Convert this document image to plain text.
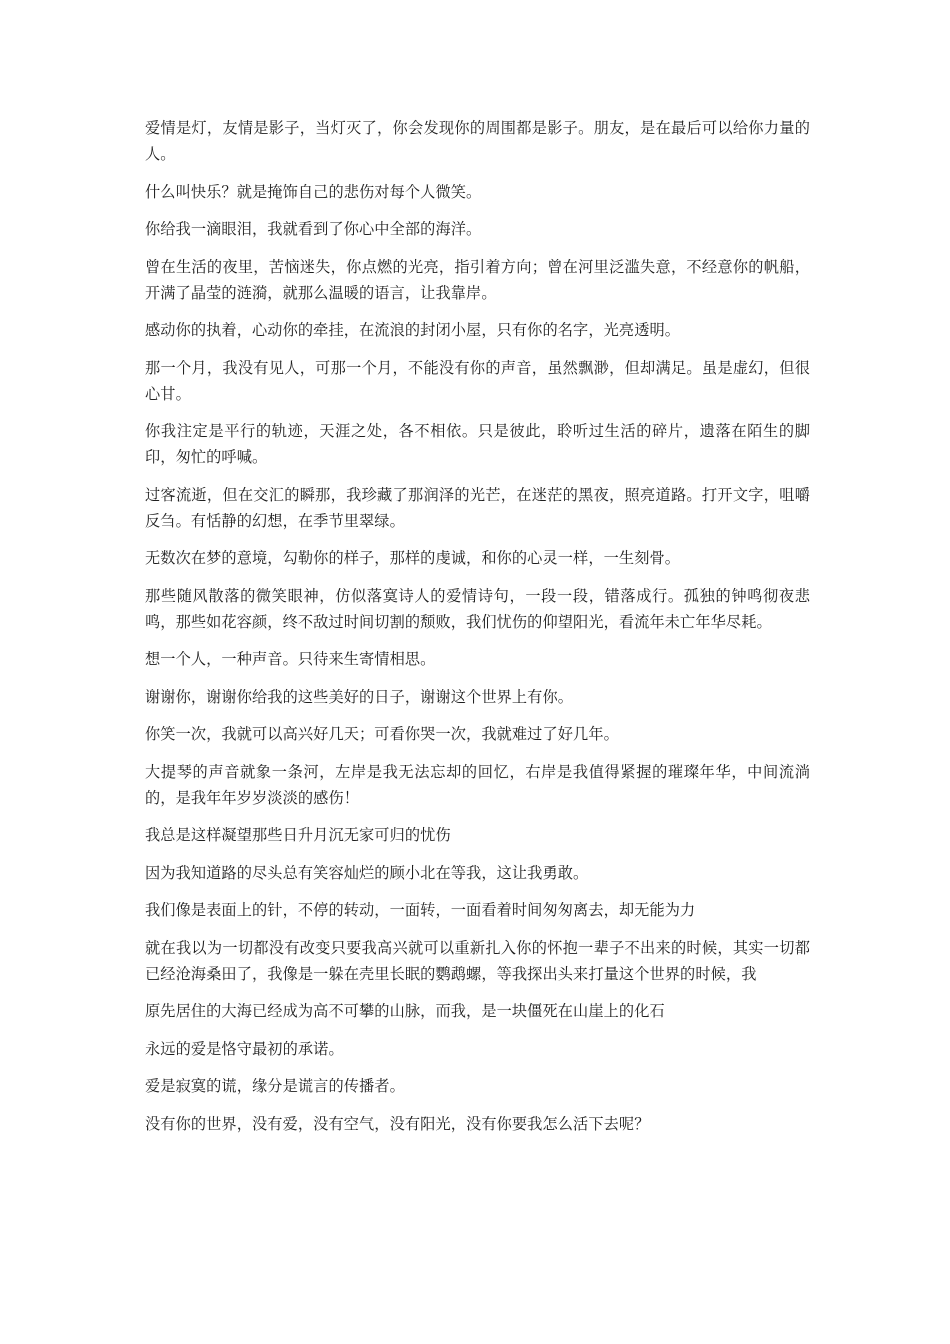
爱情是灯，友情是影子，当灯灭了，你会发现你的周围都是影子。朋友，是在最后可以给你力量的人。

什么叫快乐？就是掩饰自己的悲伤对每个人微笑。

你给我一滴眼泪，我就看到了你心中全部的海洋。

曾在生活的夜里，苦恼迷失，你点燃的光亮，指引着方向；曾在河里泛滥失意，不经意你的帆船，开满了晶莹的涟漪，就那么温暖的语言，让我靠岸。

感动你的执着，心动你的牵挂，在流浪的封闭小屋，只有你的名字，光亮透明。

那一个月，我没有见人，可那一个月，不能没有你的声音，虽然飘渺，但却满足。虽是虚幻，但很心甘。

你我注定是平行的轨迹，天涯之处，各不相依。只是彼此，聆听过生活的碎片，遗落在陌生的脚印，匆忙的呼喊。

过客流逝，但在交汇的瞬那，我珍藏了那润泽的光芒，在迷茫的黑夜，照亮道路。打开文字，咀嚼反刍。有恬静的幻想，在季节里翠绿。

无数次在梦的意境，勾勒你的样子，那样的虔诚，和你的心灵一样，一生刻骨。

那些随风散落的微笑眼神，仿似落寞诗人的爱情诗句，一段一段，错落成行。孤独的钟鸣彻夜悲鸣，那些如花容颜，终不敌过时间切割的颓败，我们忧伤的仰望阳光，看流年未亡年华尽耗。

想一个人，一种声音。只待来生寄情相思。

谢谢你，谢谢你给我的这些美好的日子，谢谢这个世界上有你。

你笑一次，我就可以高兴好几天；可看你哭一次，我就难过了好几年。

大提琴的声音就象一条河，左岸是我无法忘却的回忆，右岸是我值得紧握的璀璨年华，中间流淌的，是我年年岁岁淡淡的感伤！

我总是这样凝望那些日升月沉无家可归的忧伤

因为我知道路的尽头总有笑容灿烂的顾小北在等我，这让我勇敢。

我们像是表面上的针，不停的转动，一面转，一面看着时间匆匆离去，却无能为力

就在我以为一切都没有改变只要我高兴就可以重新扎入你的怀抱一辈子不出来的时候，其实一切都已经沧海桑田了，我像是一躲在壳里长眠的鹦鹉螺，等我探出头来打量这个世界的时候，我

原先居住的大海已经成为高不可攀的山脉，而我，是一块僵死在山崖上的化石

永远的爱是恪守最初的承诺。

爱是寂寞的谎，缘分是谎言的传播者。

没有你的世界，没有爱，没有空气，没有阳光，没有你要我怎么活下去呢？
